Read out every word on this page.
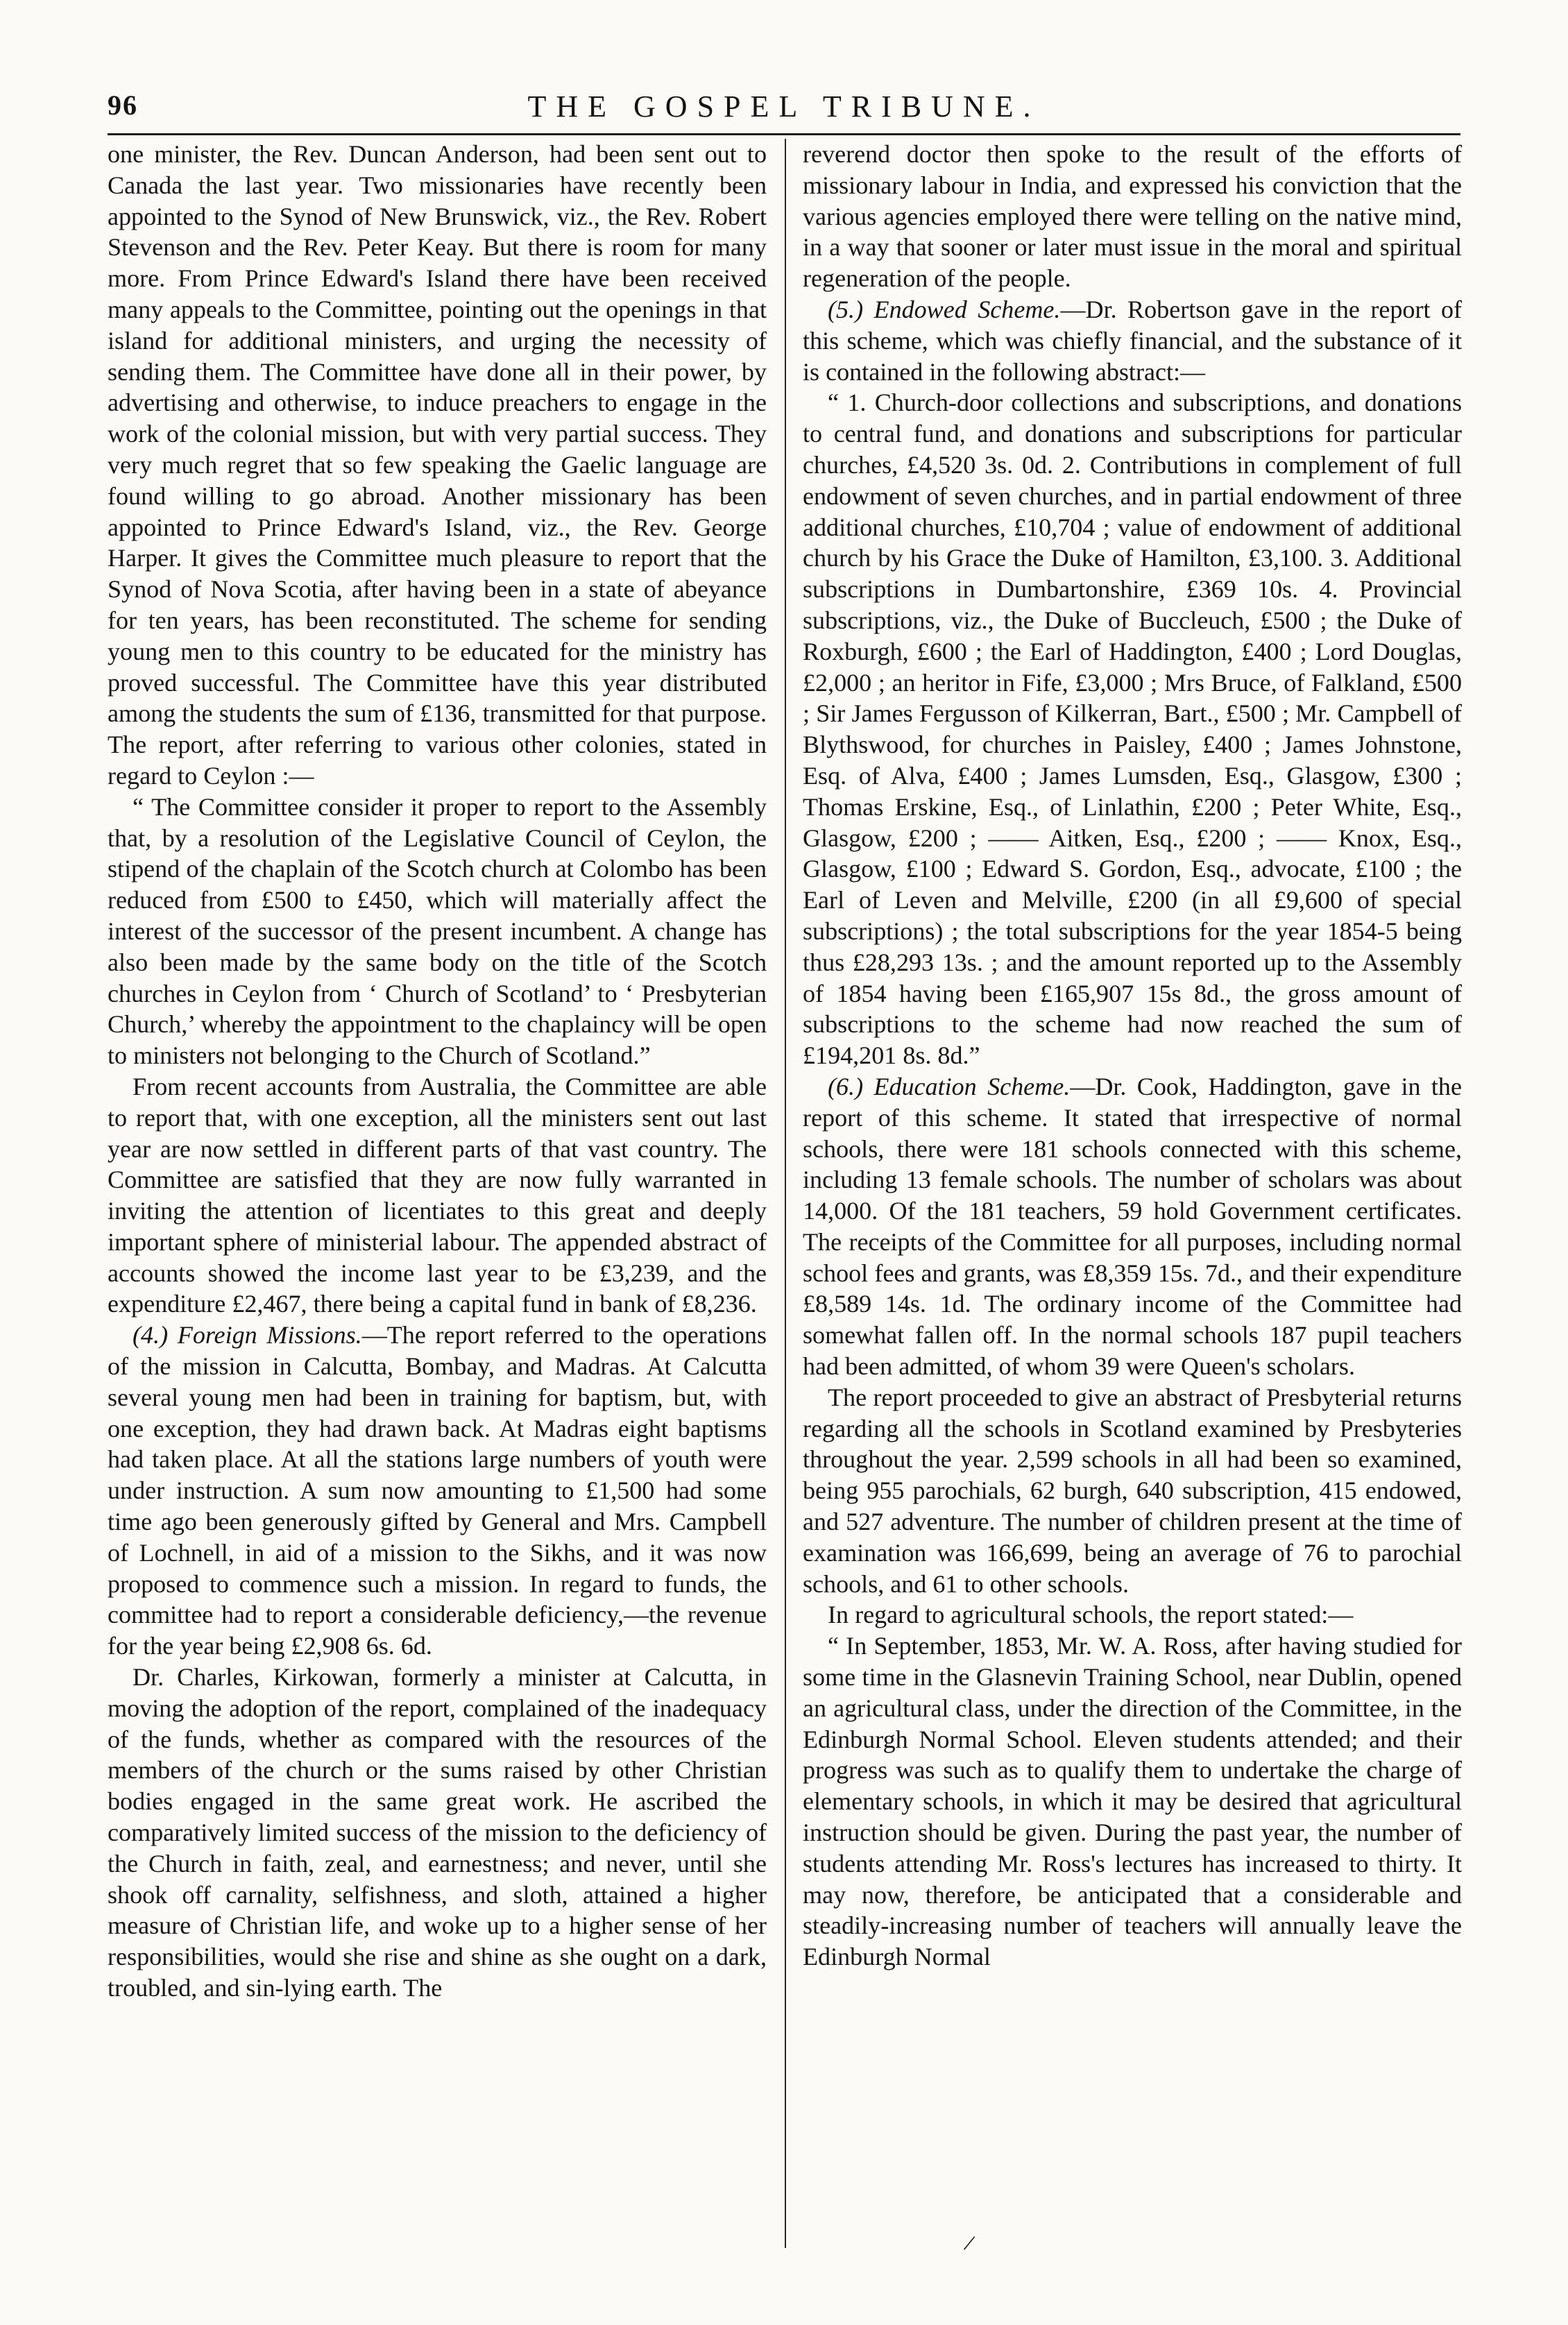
96	THE GOSPEL TRIBUNE.

one minister, the Rev. Duncan Anderson, had been sent out to Canada the last year. Two missionaries have recently been appointed to the Synod of New Brunswick, viz., the Rev. Robert Stevenson and the Rev. Peter Keay. But there is room for many more. From Prince Edward's Island there have been received many appeals to the Committee, pointing out the openings in that island for additional ministers, and urging the necessity of sending them. The Committee have done all in their power, by advertising and otherwise, to induce preachers to engage in the work of the colonial mission, but with very partial success. They very much regret that so few speaking the Gaelic language are found willing to go abroad. Another missionary has been appointed to Prince Edward's Island, viz., the Rev. George Harper. It gives the Committee much pleasure to report that the Synod of Nova Scotia, after having been in a state of abeyance for ten years, has been reconstituted. The scheme for sending young men to this country to be educated for the ministry has proved successful. The Committee have this year distributed among the students the sum of £136, transmitted for that purpose. The report, after referring to various other colonies, stated in regard to Ceylon :—

“ The Committee consider it proper to report to the Assembly that, by a resolution of the Legislative Council of Ceylon, the stipend of the chaplain of the Scotch church at Colombo has been reduced from £500 to £450, which will materially affect the interest of the successor of the present incumbent. A change has also been made by the same body on the title of the Scotch churches in Ceylon from ‘ Church of Scotland’ to ‘ Presbyterian Church,’ whereby the appointment to the chaplaincy will be open to ministers not belonging to the Church of Scotland.”

From recent accounts from Australia, the Committee are able to report that, with one exception, all the ministers sent out last year are now settled in different parts of that vast country. The Committee are satisfied that they are now fully warranted in inviting the attention of licentiates to this great and deeply important sphere of ministerial labour. The appended abstract of accounts showed the income last year to be £3,239, and the expenditure £2,467, there being a capital fund in bank of £8,236.

(4.) Foreign Missions.—The report referred to the operations of the mission in Calcutta, Bombay, and Madras. At Calcutta several young men had been in training for baptism, but, with one exception, they had drawn back. At Madras eight baptisms had taken place. At all the stations large numbers of youth were under instruction. A sum now amounting to £1,500 had some time ago been generously gifted by General and Mrs. Campbell of Lochnell, in aid of a mission to the Sikhs, and it was now proposed to commence such a mission. In regard to funds, the committee had to report a considerable deficiency,—the revenue for the year being £2,908 6s. 6d.

Dr. Charles, Kirkowan, formerly a minister at Calcutta, in moving the adoption of the report, complained of the inadequacy of the funds, whether as compared with the resources of the members of the church or the sums raised by other Christian bodies engaged in the same great work. He ascribed the comparatively limited success of the mission to the deficiency of the Church in faith, zeal, and earnestness; and never, until she shook off carnality, selfishness, and sloth, attained a higher measure of Christian life, and woke up to a higher sense of her responsibilities, would she rise and shine as she ought on a dark, troubled, and sin-lying earth. The

reverend doctor then spoke to the result of the efforts of missionary labour in India, and expressed his conviction that the various agencies employed there were telling on the native mind, in a way that sooner or later must issue in the moral and spiritual regeneration of the people.

(5.) Endowed Scheme.—Dr. Robertson gave in the report of this scheme, which was chiefly financial, and the substance of it is contained in the following abstract:—

“ 1. Church-door collections and subscriptions, and donations to central fund, and donations and subscriptions for particular churches, £4,520 3s. 0d. 2. Contributions in complement of full endowment of seven churches, and in partial endowment of three additional churches, £10,704 ; value of endowment of additional church by his Grace the Duke of Hamilton, £3,100. 3. Additional subscriptions in Dumbartonshire, £369 10s. 4. Provincial subscriptions, viz., the Duke of Buccleuch, £500 ; the Duke of Roxburgh, £600 ; the Earl of Haddington, £400 ; Lord Douglas, £2,000 ; an heritor in Fife, £3,000 ; Mrs Bruce, of Falkland, £500 ; Sir James Fergusson of Kilkerran, Bart., £500 ; Mr. Campbell of Blythswood, for churches in Paisley, £400 ; James Johnstone, Esq. of Alva, £400 ; James Lumsden, Esq., Glasgow, £300 ; Thomas Erskine, Esq., of Linlathin, £200 ; Peter White, Esq., Glasgow, £200 ; —— Aitken, Esq., £200 ; —— Knox, Esq., Glasgow, £100 ; Edward S. Gordon, Esq., advocate, £100 ; the Earl of Leven and Melville, £200 (in all £9,600 of special subscriptions) ; the total subscriptions for the year 1854-5 being thus £28,293 13s. ; and the amount reported up to the Assembly of 1854 having been £165,907 15s 8d., the gross amount of subscriptions to the scheme had now reached the sum of £194,201 8s. 8d.”

(6.) Education Scheme.—Dr. Cook, Haddington, gave in the report of this scheme. It stated that irrespective of normal schools, there were 181 schools connected with this scheme, including 13 female schools. The number of scholars was about 14,000. Of the 181 teachers, 59 hold Government certificates. The receipts of the Committee for all purposes, including normal school fees and grants, was £8,359 15s. 7d., and their expenditure £8,589 14s. 1d. The ordinary income of the Committee had somewhat fallen off. In the normal schools 187 pupil teachers had been admitted, of whom 39 were Queen's scholars.

The report proceeded to give an abstract of Presbyterial returns regarding all the schools in Scotland examined by Presbyteries throughout the year. 2,599 schools in all had been so examined, being 955 parochials, 62 burgh, 640 subscription, 415 endowed, and 527 adventure. The number of children present at the time of examination was 166,699, being an average of 76 to parochial schools, and 61 to other schools.

In regard to agricultural schools, the report stated:—

“ In September, 1853, Mr. W. A. Ross, after having studied for some time in the Glasnevin Training School, near Dublin, opened an agricultural class, under the direction of the Committee, in the Edinburgh Normal School. Eleven students attended; and their progress was such as to qualify them to undertake the charge of elementary schools, in which it may be desired that agricultural instruction should be given. During the past year, the number of students attending Mr. Ross's lectures has increased to thirty. It may now, therefore, be anticipated that a considerable and steadily-increasing number of teachers will annually leave the Edinburgh Normal

/
